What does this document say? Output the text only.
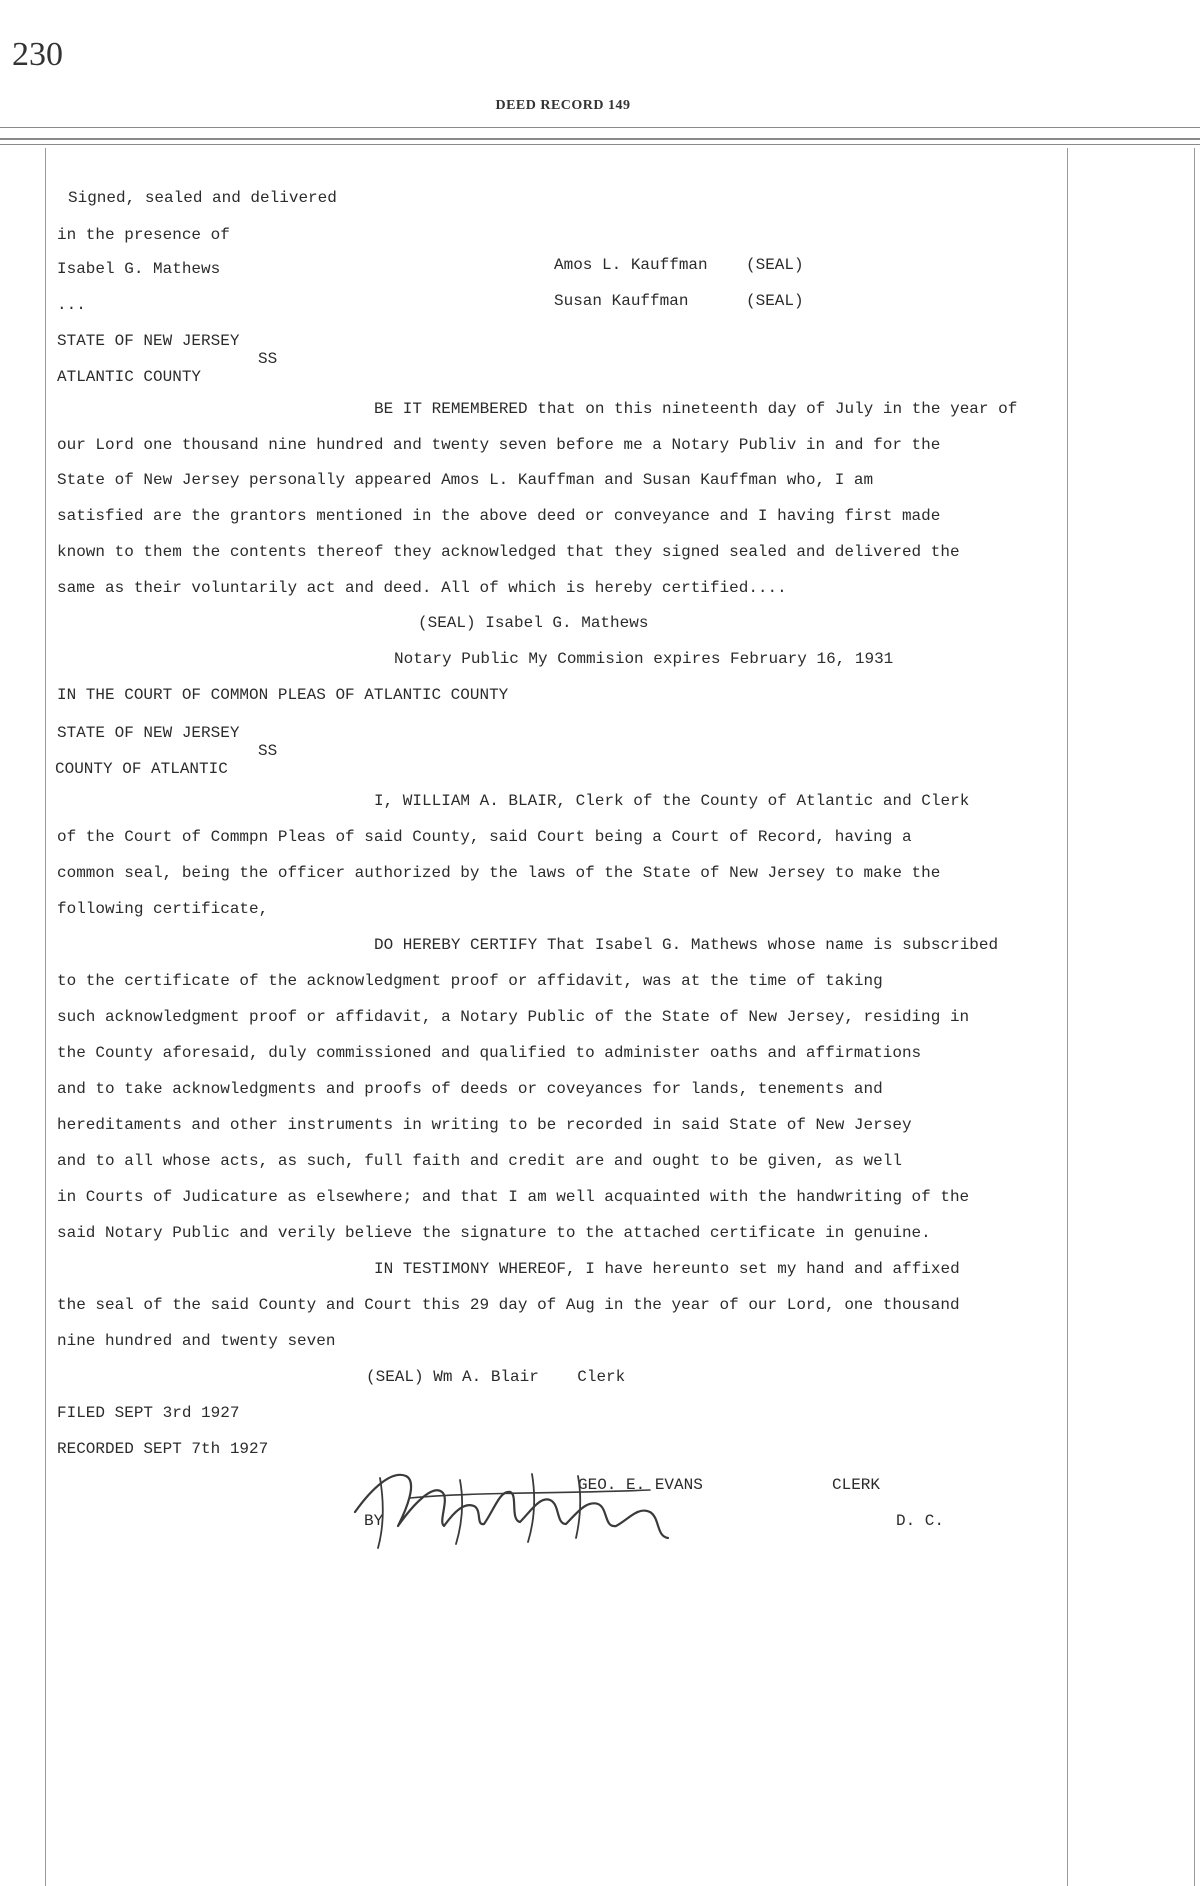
230
DEED RECORD 149
Signed, sealed and delivered
in the presence of
Isabel G. Mathews
...
Amos L. Kauffman (SEAL)
Susan Kauffman	(SEAL)
STATE OF NEW JERSEY
SS
ATLANTIC COUNTY
BE IT REMEMBERED that on this nineteenth day of July in the year of
our Lord one thousand nine hundred and twenty seven before me a Notary Publiv in and for the
State of New Jersey personally appeared Amos L. Kauffman and Susan Kauffman who, I am
satisfied are the grantors mentioned in the above deed or conveyance and I having first made
known to them the contents thereof they acknowledged that they signed sealed and delivered the
same as their voluntarily act and deed. All of which is hereby certified....
(SEAL) Isabel G. Mathews
Notary Public My Commision expires February 16, 1931
IN THE COURT OF COMMON PLEAS OF ATLANTIC COUNTY
STATE OF NEW JERSEY
SS
COUNTY OF ATLANTIC
I, WILLIAM A. BLAIR, Clerk of the County of Atlantic and Clerk
of the Court of Commpn Pleas of said County, said Court being a Court of Record, having a
common seal, being the officer authorized by the laws of the State of New Jersey to make the
following certificate,
DO HEREBY CERTIFY That Isabel G. Mathews whose name is subscribed
to the certificate of the acknowledgment proof or affidavit, was at the time of taking
such acknowledgment proof or affidavit, a Notary Public of the State of New Jersey, residing in
the County aforesaid, duly commissioned and qualified to administer oaths and affirmations
and to take acknowledgments and proofs of deeds or coveyances for lands, tenements and
hereditaments and other instruments in writing to be recorded in said State of New Jersey
and to all whose acts, as such, full faith and credit are and ought to be given, as well
in Courts of Judicature as elsewhere; and that I am well acquainted with the handwriting of the
said Notary Public and verily believe the signature to the attached certificate in genuine.
IN TESTIMONY WHEREOF, I have hereunto set my hand and affixed
the seal of the said County and Court this 29 day of Aug in the year of our Lord, one thousand
nine hundred and twenty seven
(SEAL) Wm A. Blair    Clerk
FILED SEPT 3rd 1927
RECORDED SEPT 7th 1927
GEO. E. EVANS	CLERK
BY	D. C.
